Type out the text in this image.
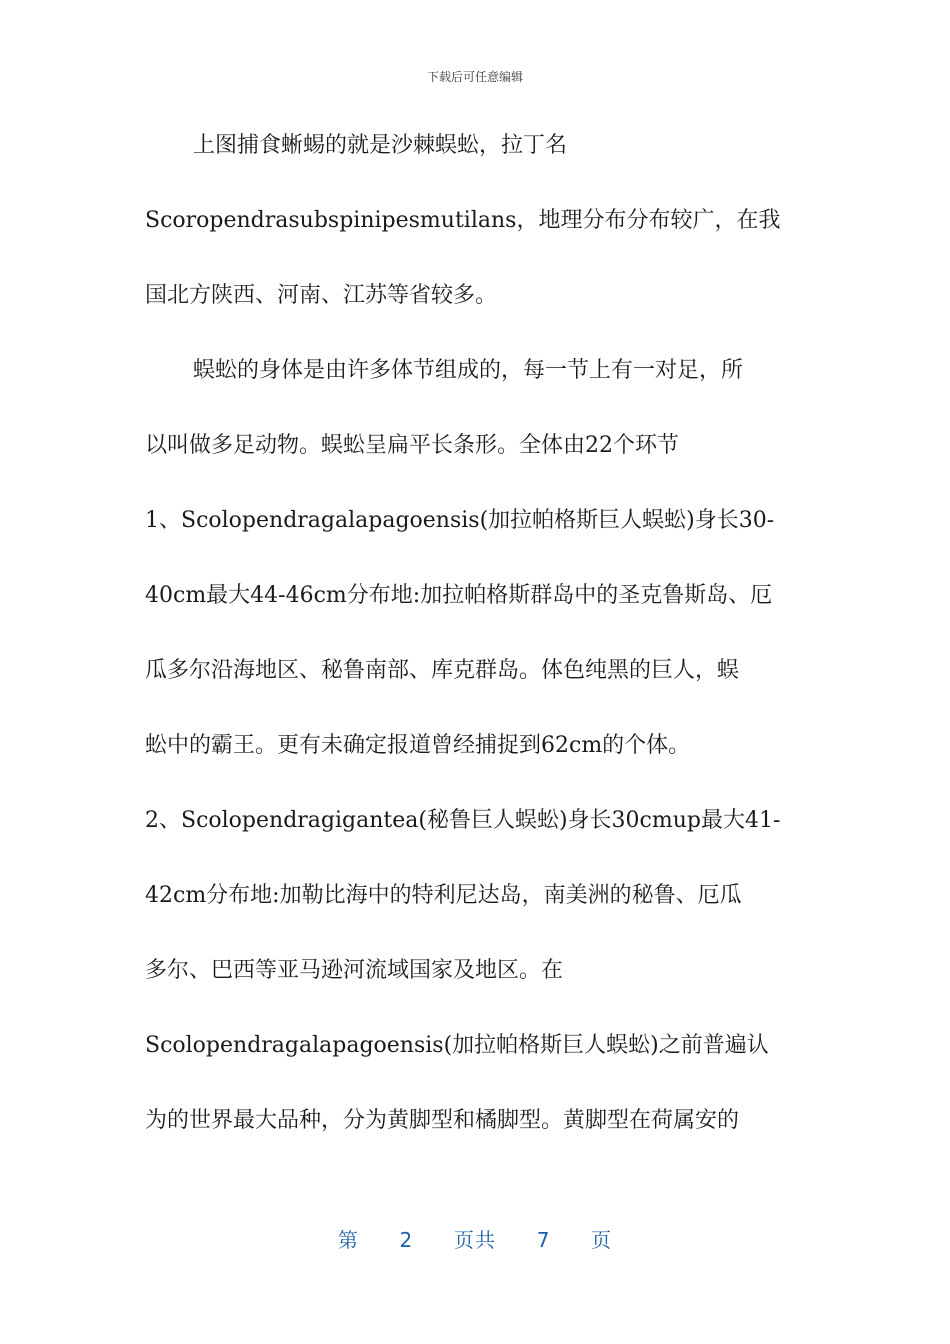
下载后可任意编辑
上图捕食蜥蜴的就是沙棘蜈蚣，拉丁名
Scoropendrasubspinipesmutilans，地理分布分布较广，在我
国北方陕西、河南、江苏等省较多。
蜈蚣的身体是由许多体节组成的，每一节上有一对足，所
以叫做多足动物。蜈蚣呈扁平长条形。全体由22个环节
1、Scolopendragalapagoensis(加拉帕格斯巨人蜈蚣)身长30-
40cm最大44-46cm分布地:加拉帕格斯群岛中的圣克鲁斯岛、厄
瓜多尔沿海地区、秘鲁南部、库克群岛。体色纯黑的巨人，蜈
蚣中的霸王。更有未确定报道曾经捕捉到62cm的个体。
2、Scolopendragigantea(秘鲁巨人蜈蚣)身长30cmup最大41-
42cm分布地:加勒比海中的特利尼达岛，南美洲的秘鲁、厄瓜
多尔、巴西等亚马逊河流域国家及地区。在
Scolopendragalapagoensis(加拉帕格斯巨人蜈蚣)之前普遍认
为的世界最大品种，分为黄脚型和橘脚型。黄脚型在荷属安的
第 2 页共 7 页
